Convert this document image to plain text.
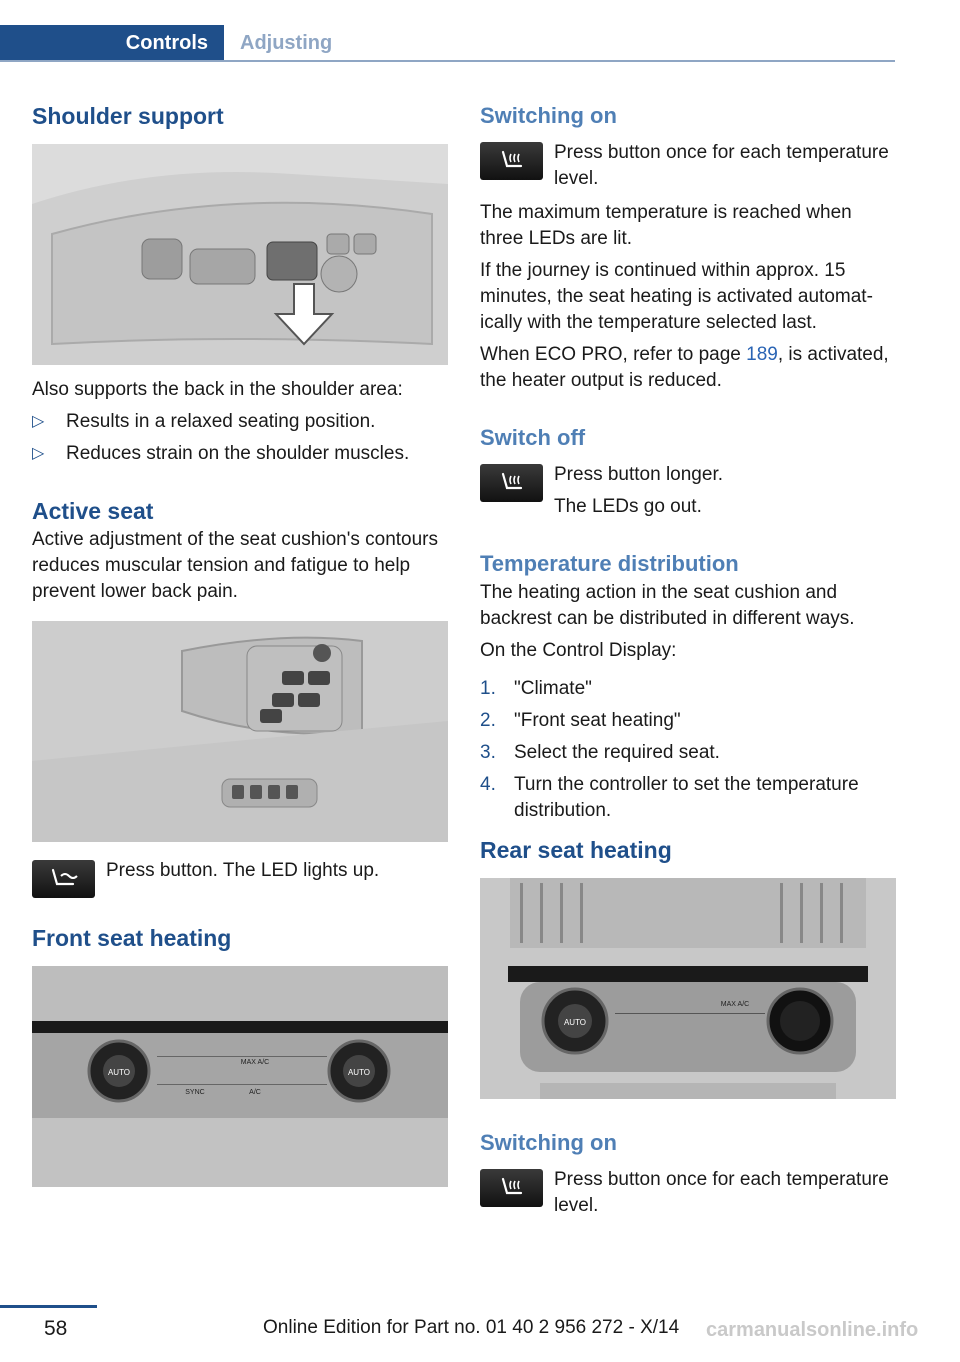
Controls	Adjusting
Shoulder support

Also supports the back in the shoulder area:

▷ Results in a relaxed seating position.
▷ Reduces strain on the shoulder muscles.
Active seat

Active adjustment of the seat cushion's contours reduces muscular tension and fatigue to help prevent lower back pain.

Press button. The LED lights up.

Front seat heating
AUTO	AUTO
MAX A/C
SYNC	A/C
Switching on

Press button once for each temperature level.

The maximum temperature is reached when three LEDs are lit.

If the journey is continued within approx. 15 minutes, the seat heating is activated automatically with the temperature selected last.

When ECO PRO, refer to page 189, is activated, the heater output is reduced.

Switch off

Press button longer.

The LEDs go out.

Temperature distribution

The heating action in the seat cushion and backrest can be distributed in different ways.

On the Control Display:

1. "Climate"
2. "Front seat heating"
3. Select the required seat.
4. Turn the controller to set the temperature distribution.
Rear seat heating
AUTO
MAX A/C
Switching on

Press button once for each temperature level.

58	Online Edition for Part no. 01 40 2 956 272 - X/14 carmanualsonline.info
